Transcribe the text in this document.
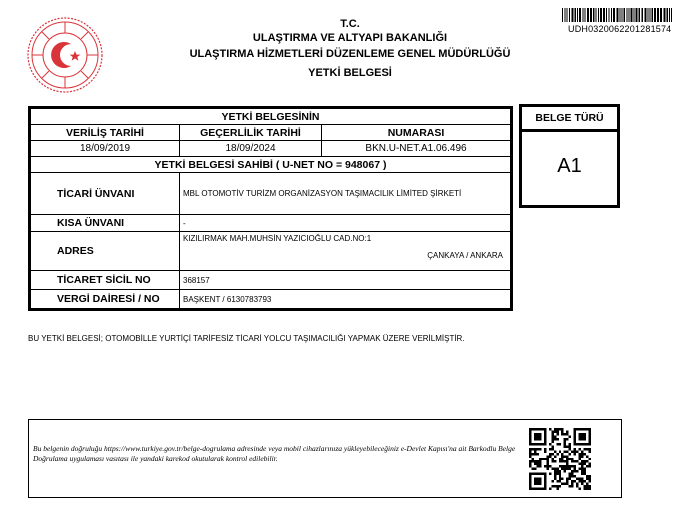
T.C.
ULAŞTIRMA VE ALTYAPI BAKANLIĞI
ULAŞTIRMA HİZMETLERİ DÜZENLEME GENEL MÜDÜRLÜĞÜ
YETKİ BELGESİ
UDH0320062201281574
YETKİ BELGESİNİN		
VERİLİŞ TARİHİ	GEÇERLİLİK TARİHİ	NUMARASI
18/09/2019	18/09/2024	BKN.U-NET.A1.06.496
YETKİ BELGESİ SAHİBİ ( U-NET NO = 948067 )		
TİCARİ ÜNVANI	MBL OTOMOTİV TURİZM ORGANİZASYON TAŞIMACILIK LİMİTED ŞİRKETİ	
KISA ÜNVANI	-	
ADRES	KIZILIRMAK MAH.MUHSİN YAZICIOĞLU CAD.NO:1
ÇANKAYA / ANKARA	

TİCARET SİCİL NO	368157	
VERGİ DAİRESİ / NO	BAŞKENT / 6130783793	
BELGE TÜRÜ
A1
BU YETKİ BELGESİ; OTOMOBİLLE YURTİÇİ TARİFESİZ TİCARİ YOLCU TAŞIMACILIĞI YAPMAK ÜZERE VERİLMİŞTİR.
Bu belgenin doğruluğu https://www.turkiye.gov.tr/belge-dogrulama adresinde veya mobil cihazlarınıza yükleyebileceğiniz e-Devlet Kapısı'na ait Barkodlu Belge Doğrulama uygulaması vasıtası ile yandaki karekod okutularak kontrol edilebilir.
